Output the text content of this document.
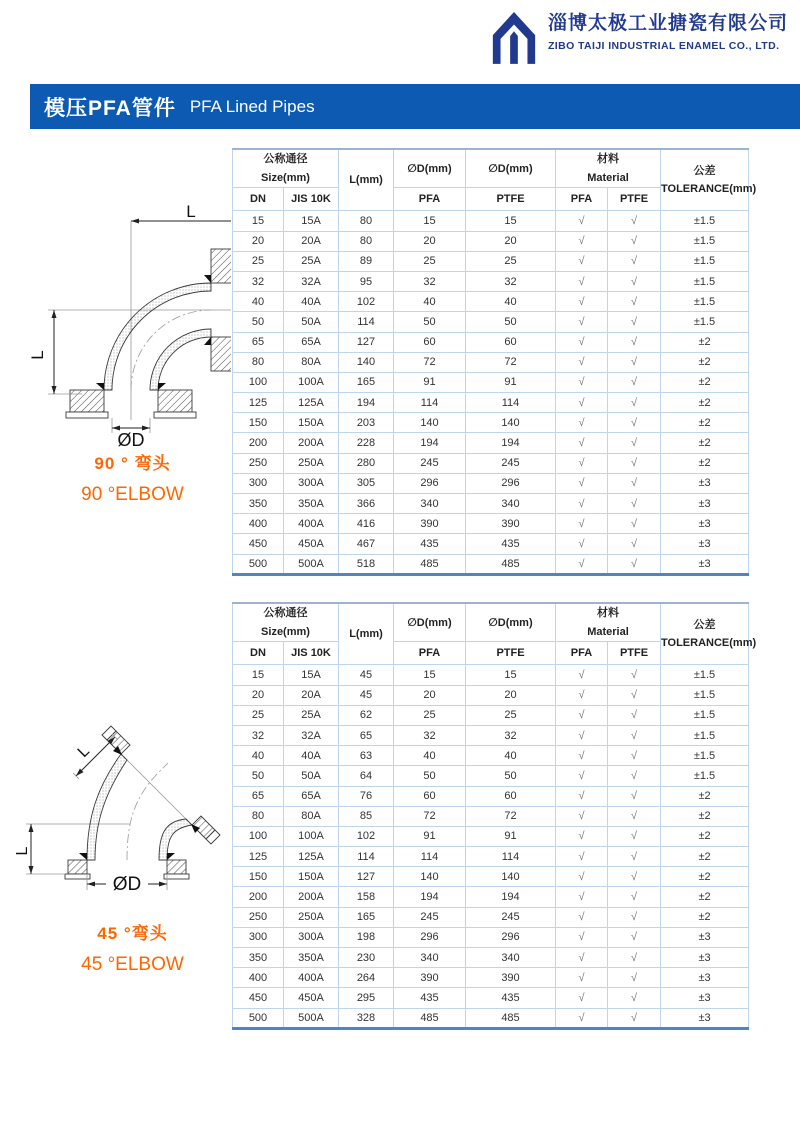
淄博太极工业搪瓷有限公司
ZIBO TAIJI INDUSTRIAL ENAMEL CO., LTD.
模压PFA管件 PFA Lined Pipes
L
L
ØD
90 ° 弯头
90 °ELBOW
L
L
ØD
45 °弯头
45 °ELBOW
公称通径
Size(mm)		L(mm)	∅D(mm)	∅D(mm)	材料
Material		公差
TOLERANCE(mm)

DN	JIS 10K		PFA	PTFE	PFA	PTFE	
15	15A	80	15	15	√	√	±1.5
20	20A	80	20	20	√	√	±1.5
25	25A	89	25	25	√	√	±1.5
32	32A	95	32	32	√	√	±1.5
40	40A	102	40	40	√	√	±1.5
50	50A	114	50	50	√	√	±1.5
65	65A	127	60	60	√	√	±2
80	80A	140	72	72	√	√	±2
100	100A	165	91	91	√	√	±2
125	125A	194	114	114	√	√	±2
150	150A	203	140	140	√	√	±2
200	200A	228	194	194	√	√	±2
250	250A	280	245	245	√	√	±2
300	300A	305	296	296	√	√	±3
350	350A	366	340	340	√	√	±3
400	400A	416	390	390	√	√	±3
450	450A	467	435	435	√	√	±3
500	500A	518	485	485	√	√	±3
公称通径
Size(mm)		L(mm)	∅D(mm)	∅D(mm)	材料
Material		公差
TOLERANCE(mm)

DN	JIS 10K		PFA	PTFE	PFA	PTFE	
15	15A	45	15	15	√	√	±1.5
20	20A	45	20	20	√	√	±1.5
25	25A	62	25	25	√	√	±1.5
32	32A	65	32	32	√	√	±1.5
40	40A	63	40	40	√	√	±1.5
50	50A	64	50	50	√	√	±1.5
65	65A	76	60	60	√	√	±2
80	80A	85	72	72	√	√	±2
100	100A	102	91	91	√	√	±2
125	125A	114	114	114	√	√	±2
150	150A	127	140	140	√	√	±2
200	200A	158	194	194	√	√	±2
250	250A	165	245	245	√	√	±2
300	300A	198	296	296	√	√	±3
350	350A	230	340	340	√	√	±3
400	400A	264	390	390	√	√	±3
450	450A	295	435	435	√	√	±3
500	500A	328	485	485	√	√	±3
